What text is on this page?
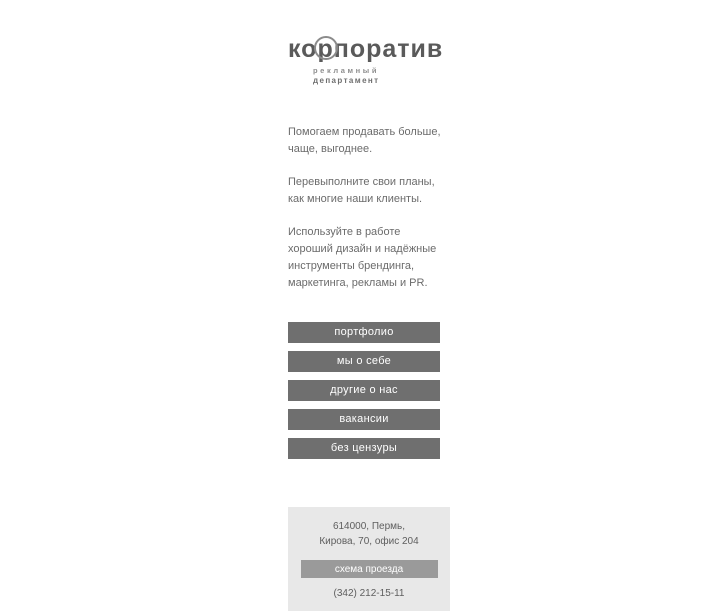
корпоратив
рекламный
департамент

Помогаем продавать больше, чаще, выгоднее.

Перевыполните свои планы, как многие наши клиенты.

Используйте в работе хороший дизайн и надёжные инструменты брендинга, маркетинга, рекламы и PR.

портфолио
мы о себе
другие о нас
вакансии
без цензуры
614000, Пермь,
Кирова, 70, офис 204
схема проезда
(342) 212-15-11
